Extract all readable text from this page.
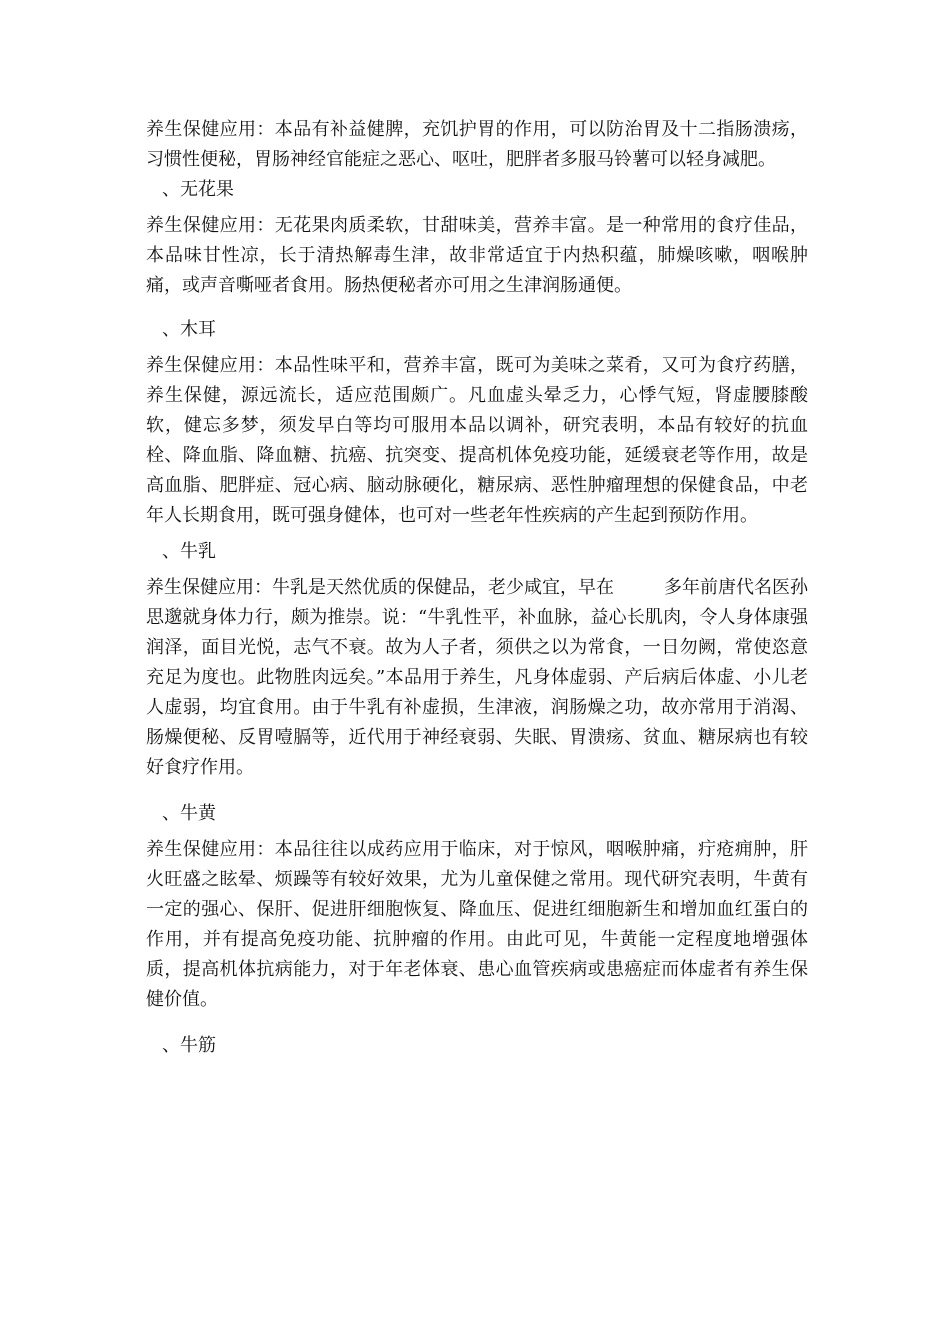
养生保健应用：本品有补益健脾，充饥护胃的作用，可以防治胃及十二指肠溃疡，习惯性便秘，胃肠神经官能症之恶心、呕吐，肥胖者多服马铃薯可以轻身减肥。

、无花果

养生保健应用：无花果肉质柔软，甘甜味美，营养丰富。是一种常用的食疗佳品，本品味甘性凉，长于清热解毒生津，故非常适宜于内热积蕴，肺燥咳嗽，咽喉肿痛，或声音嘶哑者食用。肠热便秘者亦可用之生津润肠通便。

、木耳

养生保健应用：本品性味平和，营养丰富，既可为美味之菜肴，又可为食疗药膳，养生保健，源远流长，适应范围颇广。凡血虚头晕乏力，心悸气短，肾虚腰膝酸软，健忘多梦，须发早白等均可服用本品以调补，研究表明，本品有较好的抗血栓、降血脂、降血糖、抗癌、抗突变、提高机体免疫功能，延缓衰老等作用，故是高血脂、肥胖症、冠心病、脑动脉硬化，糖尿病、恶性肿瘤理想的保健食品，中老年人长期食用，既可强身健体，也可对一些老年性疾病的产生起到预防作用。

、牛乳

养生保健应用：牛乳是天然优质的保健品，老少咸宜，早在	多年前唐代名医孙思邈就身体力行，颇为推崇。说：“牛乳性平，补血脉，益心长肌肉，令人身体康强润泽，面目光悦，志气不衰。故为人子者，须供之以为常食，一日勿阙，常使恣意充足为度也。此物胜肉远矣。”本品用于养生，凡身体虚弱、产后病后体虚、小儿老人虚弱，均宜食用。由于牛乳有补虚损，生津液，润肠燥之功，故亦常用于消渴、肠燥便秘、反胃噎膈等，近代用于神经衰弱、失眠、胃溃疡、贫血、糖尿病也有较好食疗作用。

、牛黄

养生保健应用：本品往往以成药应用于临床，对于惊风，咽喉肿痛，疔疮痈肿，肝火旺盛之眩晕、烦躁等有较好效果，尤为儿童保健之常用。现代研究表明，牛黄有一定的强心、保肝、促进肝细胞恢复、降血压、促进红细胞新生和增加血红蛋白的作用，并有提高免疫功能、抗肿瘤的作用。由此可见，牛黄能一定程度地增强体质，提高机体抗病能力，对于年老体衰、患心血管疾病或患癌症而体虚者有养生保健价值。

、牛筋
